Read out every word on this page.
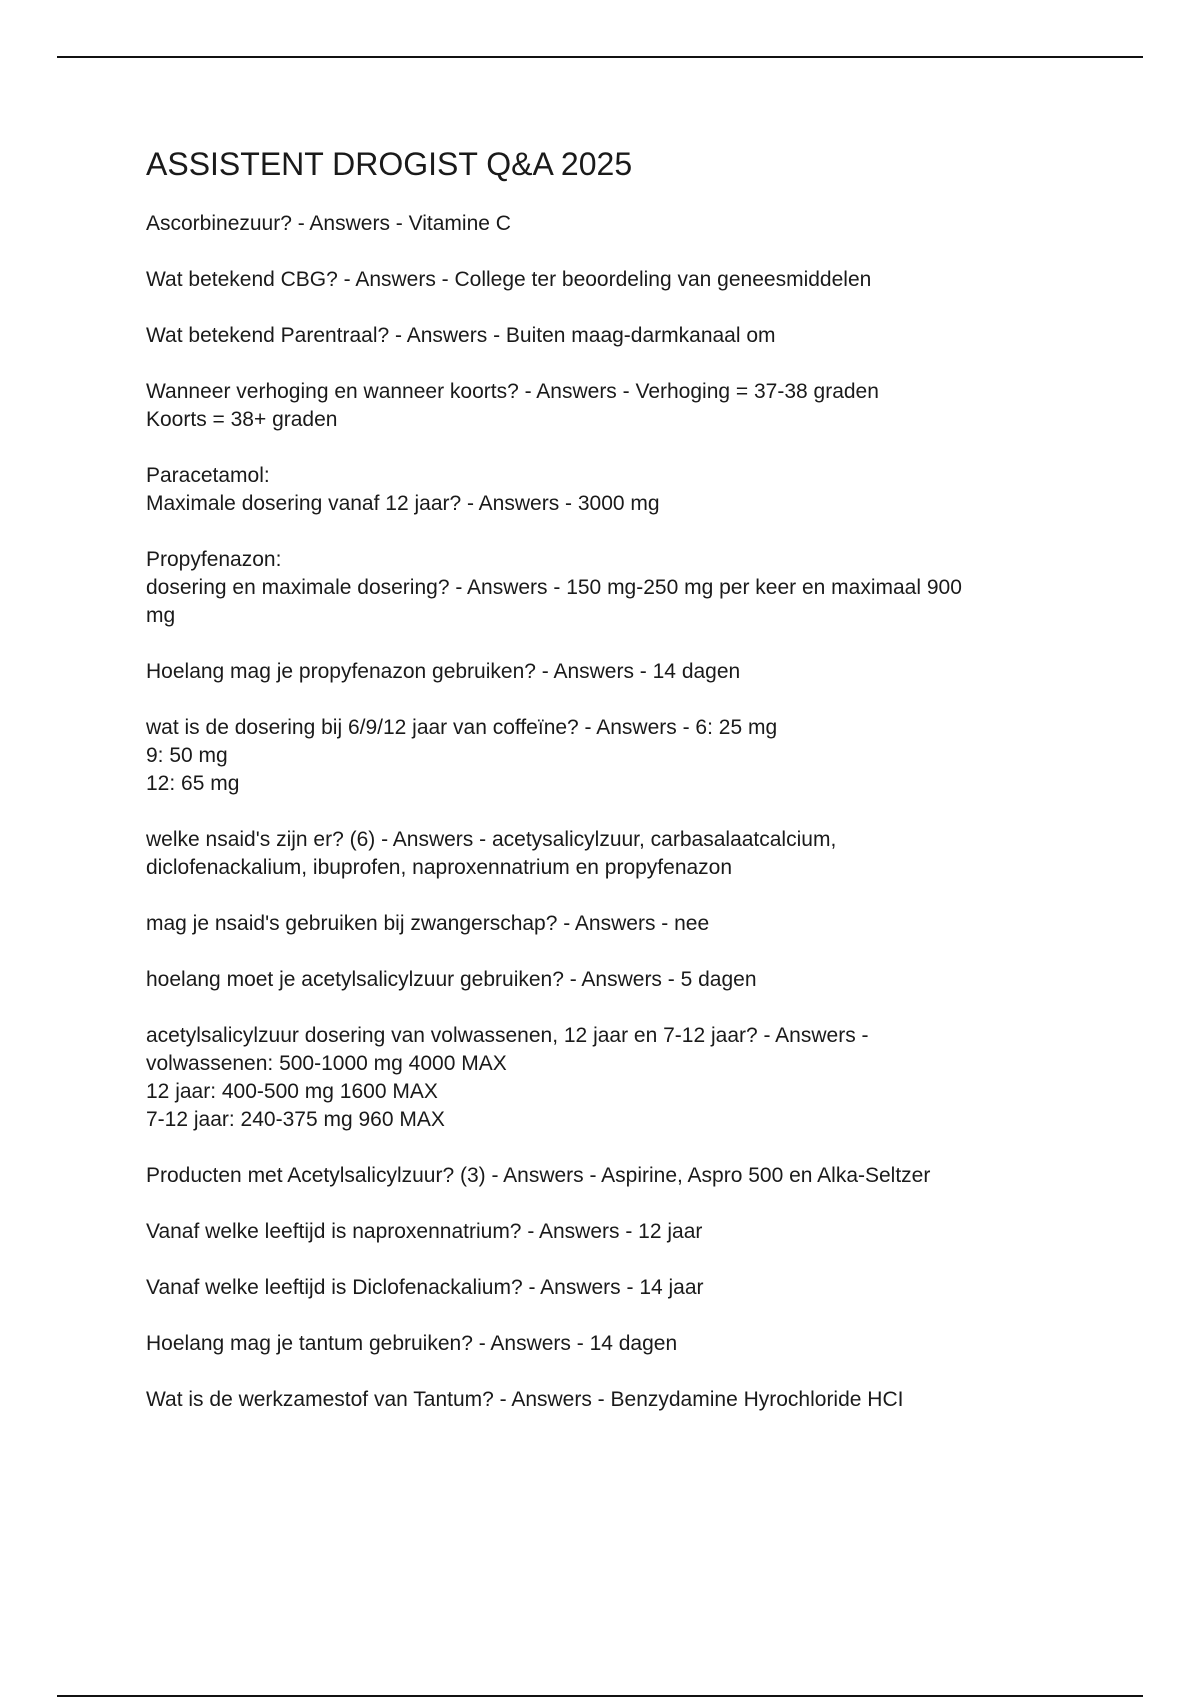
ASSISTENT DROGIST Q&A 2025
Ascorbinezuur? - Answers - Vitamine C
Wat betekend CBG? - Answers - College ter beoordeling van geneesmiddelen
Wat betekend Parentraal? - Answers - Buiten maag-darmkanaal om
Wanneer verhoging en wanneer koorts? - Answers - Verhoging = 37-38 graden
Koorts = 38+ graden
Paracetamol:
Maximale dosering vanaf 12 jaar? - Answers - 3000 mg
Propyfenazon:
dosering en maximale dosering? - Answers - 150 mg-250 mg per keer en maximaal 900
mg
Hoelang mag je propyfenazon gebruiken? - Answers - 14 dagen
wat is de dosering bij 6/9/12 jaar van coffeïne? - Answers - 6: 25 mg
9: 50 mg
12: 65 mg
welke nsaid's zijn er? (6) - Answers - acetysalicylzuur, carbasalaatcalcium,
diclofenackalium, ibuprofen, naproxennatrium en propyfenazon
mag je nsaid's gebruiken bij zwangerschap? - Answers - nee
hoelang moet je acetylsalicylzuur gebruiken? - Answers - 5 dagen
acetylsalicylzuur dosering van volwassenen, 12 jaar en 7-12 jaar? - Answers -
volwassenen: 500-1000 mg 4000 MAX
12 jaar: 400-500 mg 1600 MAX
7-12 jaar: 240-375 mg 960 MAX
Producten met Acetylsalicylzuur? (3) - Answers - Aspirine, Aspro 500 en Alka-Seltzer
Vanaf welke leeftijd is naproxennatrium? - Answers - 12 jaar
Vanaf welke leeftijd is Diclofenackalium? - Answers - 14 jaar
Hoelang mag je tantum gebruiken? - Answers - 14 dagen
Wat is de werkzamestof van Tantum? - Answers - Benzydamine Hyrochloride HCI
